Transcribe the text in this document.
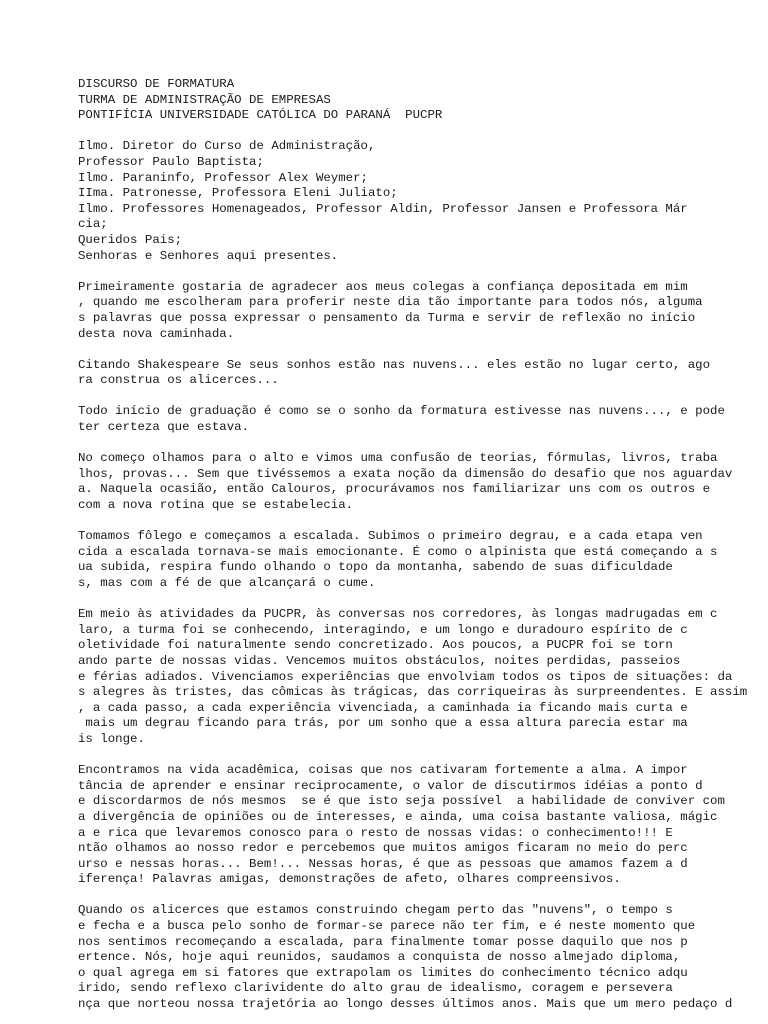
DISCURSO DE FORMATURA
TURMA DE ADMINISTRAÇÃO DE EMPRESAS
PONTIFÍCIA UNIVERSIDADE CATÓLICA DO PARANÁ  PUCPR
Ilmo. Diretor do Curso de Administração,
Professor Paulo Baptista;
Ilmo. Paraninfo, Professor Alex Weymer;
IIma. Patronesse, Professora Eleni Juliato;
Ilmo. Professores Homenageados, Professor Aldin, Professor Jansen e Professora Már
cia;
Queridos Pais;
Senhoras e Senhores aqui presentes.
Primeiramente gostaria de agradecer aos meus colegas a confiança depositada em mim
, quando me escolheram para proferir neste dia tão importante para todos nós, alguma
s palavras que possa expressar o pensamento da Turma e servir de reflexão no início
desta nova caminhada.
Citando Shakespeare Se seus sonhos estão nas nuvens... eles estão no lugar certo, ago
ra construa os alicerces...
Todo início de graduação é como se o sonho da formatura estivesse nas nuvens..., e pode
ter certeza que estava.
No começo olhamos para o alto e vimos uma confusão de teorias, fórmulas, livros, traba
lhos, provas... Sem que tivéssemos a exata noção da dimensão do desafio que nos aguardav
a. Naquela ocasião, então Calouros, procurávamos nos familiarizar uns com os outros e
com a nova rotina que se estabelecia.
Tomamos fôlego e começamos a escalada. Subimos o primeiro degrau, e a cada etapa ven
cida a escalada tornava-se mais emocionante. É como o alpinista que está começando a s
ua subida, respira fundo olhando o topo da montanha, sabendo de suas dificuldade
s, mas com a fé de que alcançará o cume.
Em meio às atividades da PUCPR, às conversas nos corredores, às longas madrugadas em c
laro, a turma foi se conhecendo, interagindo, e um longo e duradouro espírito de c
oletividade foi naturalmente sendo concretizado. Aos poucos, a PUCPR foi se torn
ando parte de nossas vidas. Vencemos muitos obstáculos, noites perdidas, passeios
e férias adiados. Vivenciamos experiências que envolviam todos os tipos de situações: da
s alegres às tristes, das cômicas às trágicas, das corriqueiras às surpreendentes. E assim
, a cada passo, a cada experiência vivenciada, a caminhada ia ficando mais curta e
mais um degrau ficando para trás, por um sonho que a essa altura parecia estar ma
is longe.
Encontramos na vida acadêmica, coisas que nos cativaram fortemente a alma. A impor
tância de aprender e ensinar reciprocamente, o valor de discutirmos idéias a ponto d
e discordarmos de nós mesmos  se é que isto seja possível  a habilidade de conviver com
a divergência de opiniões ou de interesses, e ainda, uma coisa bastante valiosa, mágic
a e rica que levaremos conosco para o resto de nossas vidas: o conhecimento!!! E
ntão olhamos ao nosso redor e percebemos que muitos amigos ficaram no meio do perc
urso e nessas horas... Bem!... Nessas horas, é que as pessoas que amamos fazem a d
iferença! Palavras amigas, demonstrações de afeto, olhares compreensivos.
Quando os alicerces que estamos construindo chegam perto das "nuvens", o tempo s
e fecha e a busca pelo sonho de formar-se parece não ter fim, e é neste momento que
nos sentimos recomeçando a escalada, para finalmente tomar posse daquilo que nos p
ertence. Nós, hoje aqui reunidos, saudamos a conquista de nosso almejado diploma,
o qual agrega em si fatores que extrapolam os limites do conhecimento técnico adqu
irido, sendo reflexo clarividente do alto grau de idealismo, coragem e persevera
nça que norteou nossa trajetória ao longo desses últimos anos. Mais que um mero pedaço d
